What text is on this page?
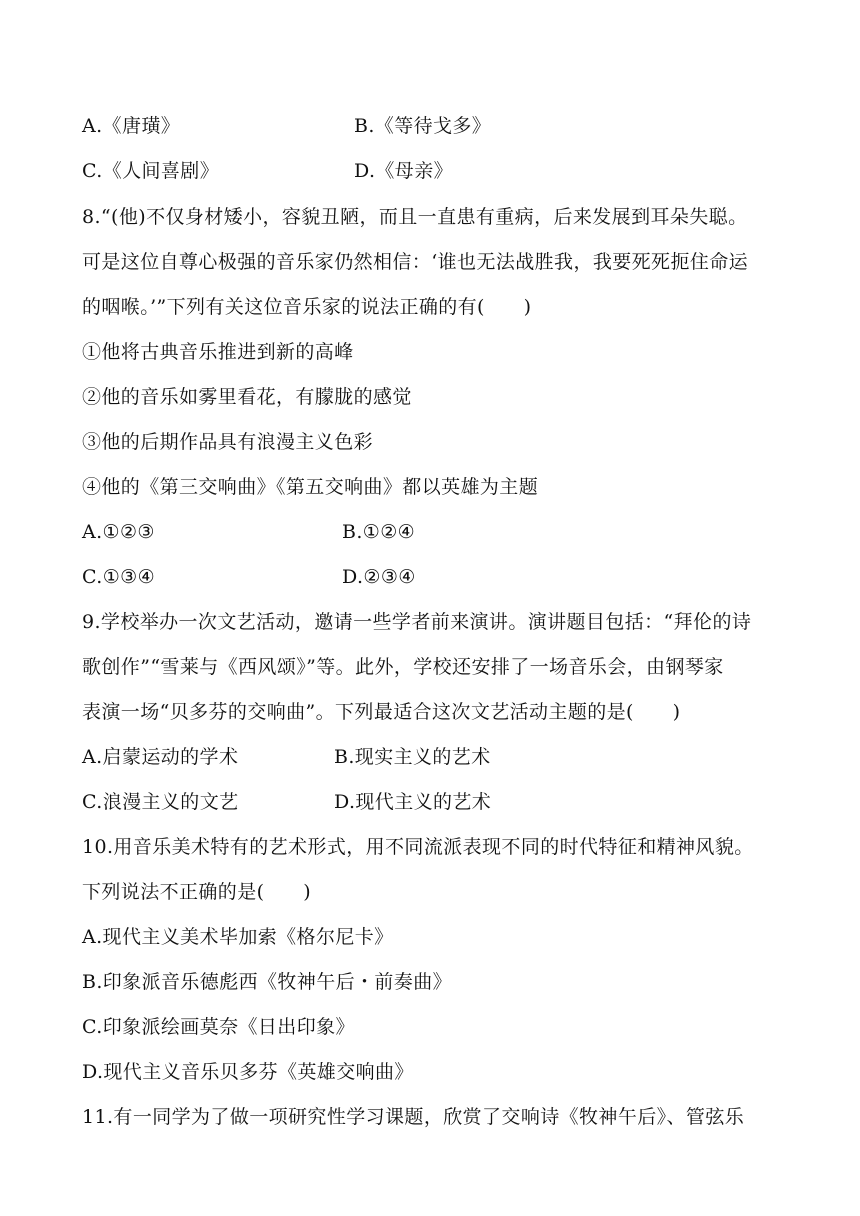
A.《唐璜》	B.《等待戈多》
C.《人间喜剧》	D.《母亲》
8.“(他)不仅身材矮小，容貌丑陋，而且一直患有重病，后来发展到耳朵失聪。
可是这位自尊心极强的音乐家仍然相信：‘谁也无法战胜我，我要死死扼住命运
的咽喉。’”下列有关这位音乐家的说法正确的有(　　)
①他将古典音乐推进到新的高峰
②他的音乐如雾里看花，有朦胧的感觉
③他的后期作品具有浪漫主义色彩
④他的《第三交响曲》《第五交响曲》都以英雄为主题
A.①②③	B.①②④
C.①③④	D.②③④
9.学校举办一次文艺活动，邀请一些学者前来演讲。演讲题目包括：“拜伦的诗
歌创作”“雪莱与《西风颂》”等。此外，学校还安排了一场音乐会，由钢琴家
表演一场“贝多芬的交响曲”。下列最适合这次文艺活动主题的是(　　)
A.启蒙运动的学术	B.现实主义的艺术
C.浪漫主义的文艺	D.现代主义的艺术
10.用音乐美术特有的艺术形式，用不同流派表现不同的时代特征和精神风貌。
下列说法不正确的是(　　)
A.现代主义美术毕加索《格尔尼卡》
B.印象派音乐德彪西《牧神午后・前奏曲》
C.印象派绘画莫奈《日出印象》
D.现代主义音乐贝多芬《英雄交响曲》
11.有一同学为了做一项研究性学习课题，欣赏了交响诗《牧神午后》、管弦乐
